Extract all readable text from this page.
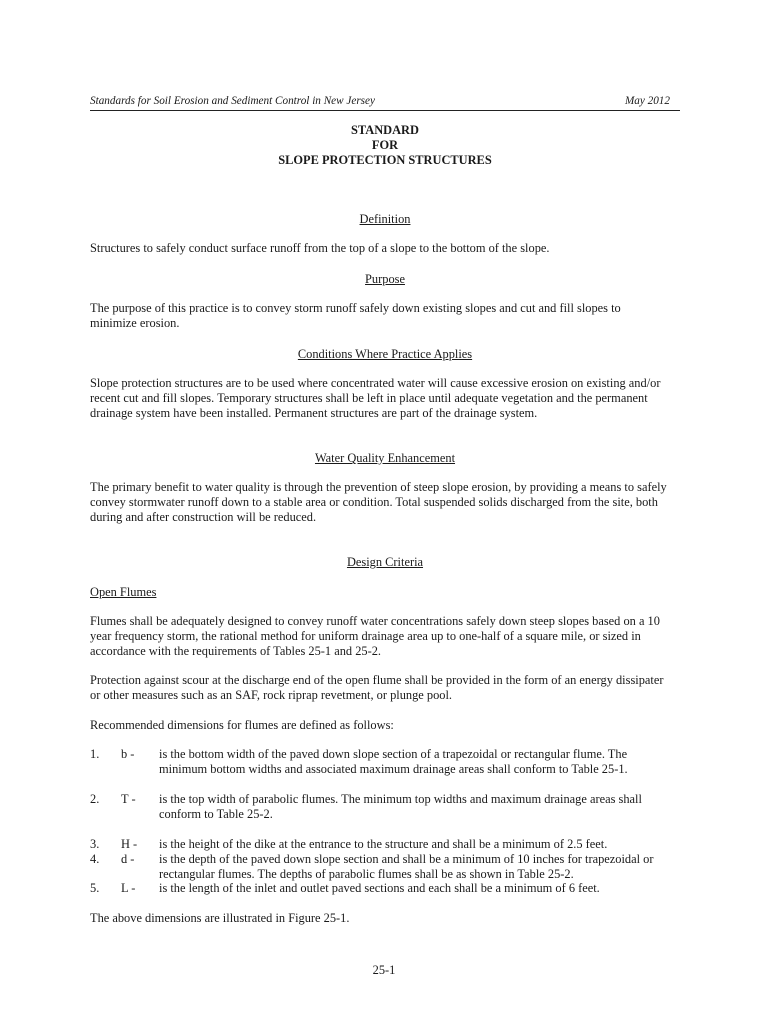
Standards for Soil Erosion and Sediment Control in New Jersey	May 2012
STANDARD
FOR
SLOPE PROTECTION STRUCTURES
Definition

Structures to safely conduct surface runoff from the top of a slope to the bottom of the slope.

Purpose

The purpose of this practice is to convey storm runoff safely down existing slopes and cut and fill slopes to

minimize erosion.

Conditions Where Practice Applies

Slope protection structures are to be used where concentrated water will cause excessive erosion on existing and/or

recent cut and fill slopes. Temporary structures shall be left in place until adequate vegetation and the permanent

drainage system have been installed. Permanent structures are part of the drainage system.

Water Quality Enhancement

The primary benefit to water quality is through the prevention of steep slope erosion, by providing a means to safely

convey stormwater runoff down to a stable area or condition. Total suspended solids discharged from the site, both

during and after construction will be reduced.

Design Criteria
Open Flumes

Flumes shall be adequately designed to convey runoff water concentrations safely down steep slopes based on a 10

year frequency storm, the rational method for uniform drainage area up to one-half of a square mile, or sized in

accordance with the requirements of Tables 25-1 and 25-2.

Protection against scour at the discharge end of the open flume shall be provided in the form of an energy dissipater

or other measures such as an SAF, rock riprap revetment, or plunge pool.

Recommended dimensions for flumes are defined as follows:

1. b - is the bottom width of the paved down slope section of a trapezoidal or rectangular flume. The
minimum bottom widths and associated maximum drainage areas shall conform to Table 25-1.
2. T - is the top width of parabolic flumes. The minimum top widths and maximum drainage areas shall
conform to Table 25-2.
3. H - is the height of the dike at the entrance to the structure and shall be a minimum of 2.5 feet.
4. d - is the depth of the paved down slope section and shall be a minimum of 10 inches for trapezoidal or
rectangular flumes. The depths of parabolic flumes shall be as shown in Table 25-2.
5. L - is the length of the inlet and outlet paved sections and each shall be a minimum of 6 feet.

The above dimensions are illustrated in Figure 25-1.

25-1
